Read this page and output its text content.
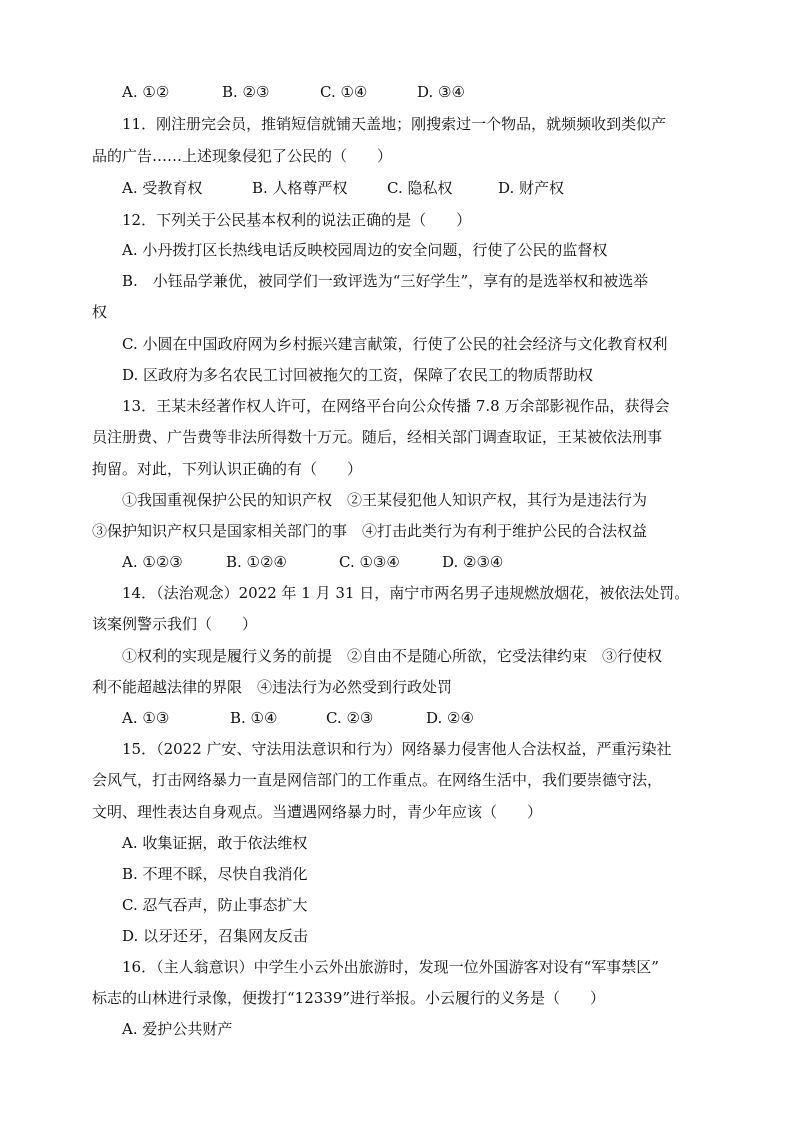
A. ①②	B. ②③	C. ①④	D. ③④
11．刚注册完会员，推销短信就铺天盖地；刚搜索过一个物品，就频频收到类似产
品的广告……上述现象侵犯了公民的（　　）
A. 受教育权	B. 人格尊严权	C. 隐私权	D. 财产权
12．下列关于公民基本权利的说法正确的是（　　）
A. 小丹拨打区长热线电话反映校园周边的安全问题，行使了公民的监督权
B.　小钰品学兼优，被同学们一致评选为“三好学生”，享有的是选举权和被选举
权
C. 小圆在中国政府网为乡村振兴建言献策，行使了公民的社会经济与文化教育权利
D. 区政府为多名农民工讨回被拖欠的工资，保障了农民工的物质帮助权
13．王某未经著作权人许可，在网络平台向公众传播 7.8 万余部影视作品，获得会
员注册费、广告费等非法所得数十万元。随后，经相关部门调查取证，王某被依法刑事
拘留。对此，下列认识正确的有（　　）
①我国重视保护公民的知识产权　②王某侵犯他人知识产权，其行为是违法行为
③保护知识产权只是国家相关部门的事　④打击此类行为有利于维护公民的合法权益
A. ①②③	B. ①②④	C. ①③④	D. ②③④
14．（法治观念）2022 年 1 月 31 日，南宁市两名男子违规燃放烟花，被依法处罚。
该案例警示我们（　　）
①权利的实现是履行义务的前提　②自由不是随心所欲，它受法律约束　③行使权
利不能超越法律的界限　④违法行为必然受到行政处罚
A. ①③	B. ①④	C. ②③	D. ②④
15．（2022 广安、守法用法意识和行为）网络暴力侵害他人合法权益，严重污染社
会风气，打击网络暴力一直是网信部门的工作重点。在网络生活中，我们要崇德守法，
文明、理性表达自身观点。当遭遇网络暴力时，青少年应该（　　）
A. 收集证据，敢于依法维权
B. 不理不睬，尽快自我消化
C. 忍气吞声，防止事态扩大
D. 以牙还牙，召集网友反击
16．（主人翁意识）中学生小云外出旅游时，发现一位外国游客对设有“军事禁区”
标志的山林进行录像，便拨打“12339”进行举报。小云履行的义务是（　　）
A. 爱护公共财产
